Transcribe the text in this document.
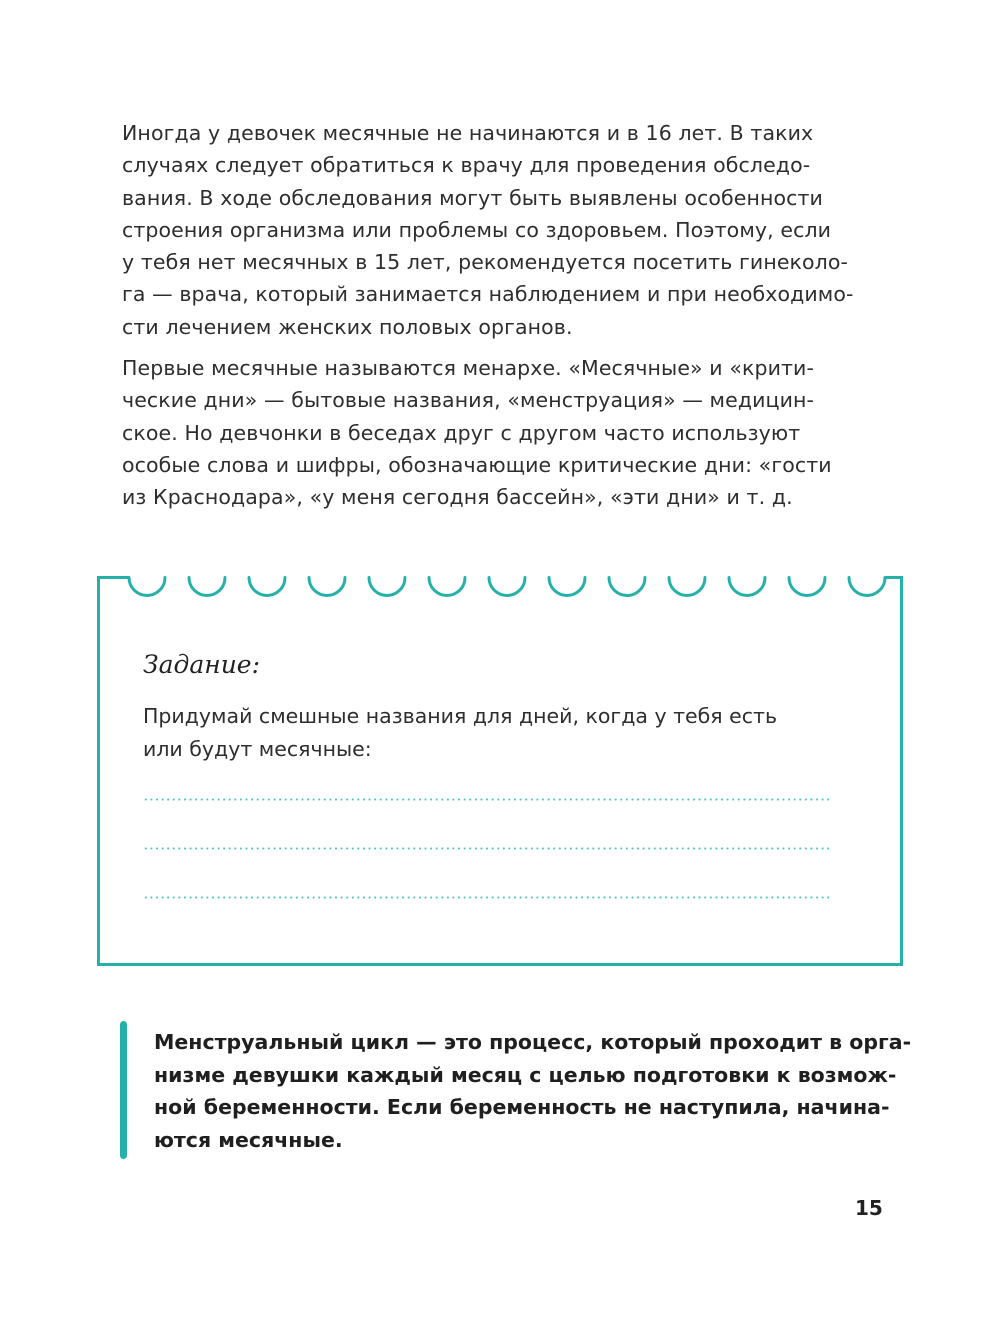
Иногда у девочек месячные не начинаются и в 16 лет. В таких
случаях следует обратиться к врачу для проведения обследо-
вания. В ходе обследования могут быть выявлены особенности
строения организма или проблемы со здоровьем. Поэтому, если
у тебя нет месячных в 15 лет, рекомендуется посетить гинеколо-
га — врача, который занимается наблюдением и при необходимо-
сти лечением женских половых органов.

Первые месячные называются менархе. «Месячные» и «крити-
ческие дни» — бытовые названия, «менструация» — медицин-
ское. Но девчонки в беседах друг с другом часто используют
особые слова и шифры, обозначающие критические дни: «гости
из Краснодара», «у меня сегодня бассейн», «эти дни» и т. д.

Задание:
Придумай смешные названия для дней, когда у тебя есть
или будут месячные:
Менструальный цикл — это процесс, который проходит в орга-
низме девушки каждый месяц с целью подготовки к возмож-
ной беременности. Если беременность не наступила, начина-
ются месячные.
15
